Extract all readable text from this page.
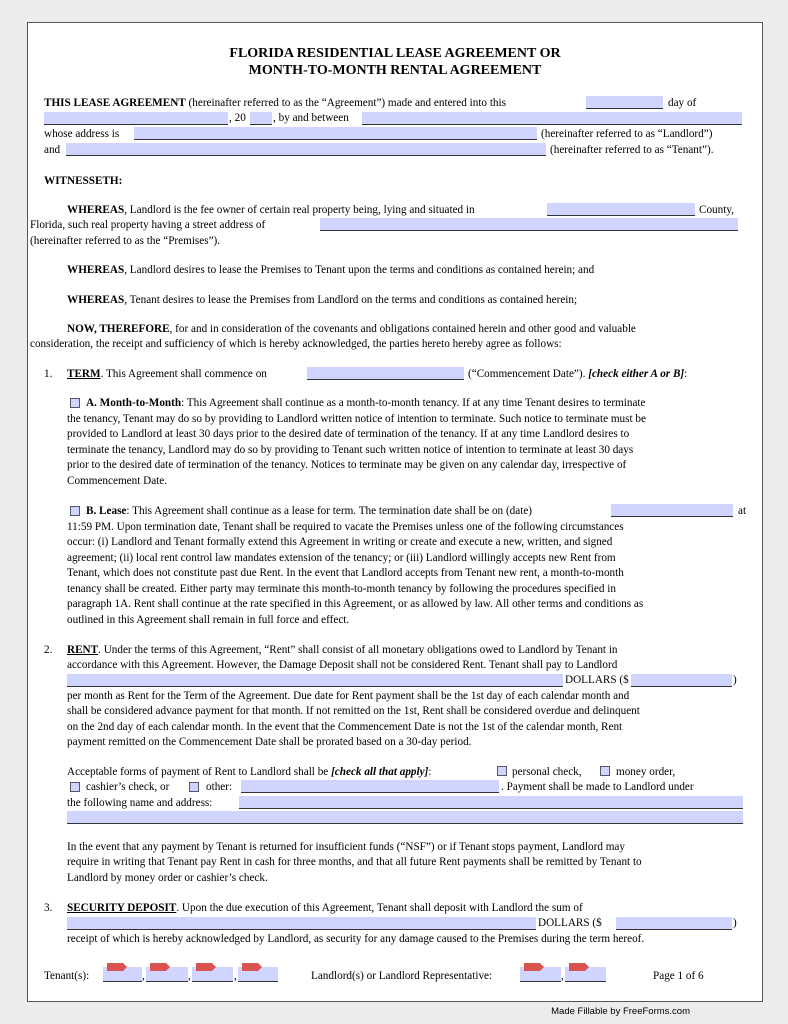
FLORIDA RESIDENTIAL LEASE AGREEMENT OR
MONTH-TO-MONTH RENTAL AGREEMENT
THIS LEASE AGREEMENT (hereinafter referred to as the “Agreement”) made and entered into this	day of
, 20 , by and between
whose address is	(hereinafter referred to as “Landlord”)
and	(hereinafter referred to as “Tenant”).
WITNESSETH:
WHEREAS, Landlord is the fee owner of certain real property being, lying and situated in	County,
Florida, such real property having a street address of
(hereinafter referred to as the “Premises”).
WHEREAS, Landlord desires to lease the Premises to Tenant upon the terms and conditions as contained herein; and
WHEREAS, Tenant desires to lease the Premises from Landlord on the terms and conditions as contained herein;
NOW, THEREFORE, for and in consideration of the covenants and obligations contained herein and other good and valuable
consideration, the receipt and sufficiency of which is hereby acknowledged, the parties hereto hereby agree as follows:
1. TERM. This Agreement shall commence on	(“Commencement Date”). [check either A or B]:
A. Month-to-Month: This Agreement shall continue as a month-to-month tenancy. If at any time Tenant desires to terminate
the tenancy, Tenant may do so by providing to Landlord written notice of intention to terminate. Such notice to terminate must be
provided to Landlord at least 30 days prior to the desired date of termination of the tenancy. If at any time Landlord desires to
terminate the tenancy, Landlord may do so by providing to Tenant such written notice of intention to terminate at least 30 days
prior to the desired date of termination of the tenancy. Notices to terminate may be given on any calendar day, irrespective of
Commencement Date.
B. Lease: This Agreement shall continue as a lease for term. The termination date shall be on (date)	at
11:59 PM. Upon termination date, Tenant shall be required to vacate the Premises unless one of the following circumstances
occur: (i) Landlord and Tenant formally extend this Agreement in writing or create and execute a new, written, and signed
agreement; (ii) local rent control law mandates extension of the tenancy; or (iii) Landlord willingly accepts new Rent from
Tenant, which does not constitute past due Rent. In the event that Landlord accepts from Tenant new rent, a month-to-month
tenancy shall be created. Either party may terminate this month-to-month tenancy by following the procedures specified in
paragraph 1A. Rent shall continue at the rate specified in this Agreement, or as allowed by law. All other terms and conditions as
outlined in this Agreement shall remain in full force and effect.
2. RENT. Under the terms of this Agreement, “Rent” shall consist of all monetary obligations owed to Landlord by Tenant in
accordance with this Agreement. However, the Damage Deposit shall not be considered Rent. Tenant shall pay to Landlord
DOLLARS ($	)
per month as Rent for the Term of the Agreement. Due date for Rent payment shall be the 1st day of each calendar month and
shall be considered advance payment for that month. If not remitted on the 1st, Rent shall be considered overdue and delinquent
on the 2nd day of each calendar month. In the event that the Commencement Date is not the 1st of the calendar month, Rent
payment remitted on the Commencement Date shall be prorated based on a 30-day period.
Acceptable forms of payment of Rent to Landlord shall be [check all that apply]:	personal check,	money order,
cashier’s check, or	other:	. Payment shall be made to Landlord under
the following name and address:
In the event that any payment by Tenant is returned for insufficient funds (“NSF”) or if Tenant stops payment, Landlord may
require in writing that Tenant pay Rent in cash for three months, and that all future Rent payments shall be remitted by Tenant to
Landlord by money order or cashier’s check.
3. SECURITY DEPOSIT. Upon the due execution of this Agreement, Tenant shall deposit with Landlord the sum of
DOLLARS ($	)
receipt of which is hereby acknowledged by Landlord, as security for any damage caused to the Premises during the term hereof.
Tenant(s):	,	,	,	Landlord(s) or Landlord Representative:	,	Page 1 of 6
Made Fillable by FreeForms.com
